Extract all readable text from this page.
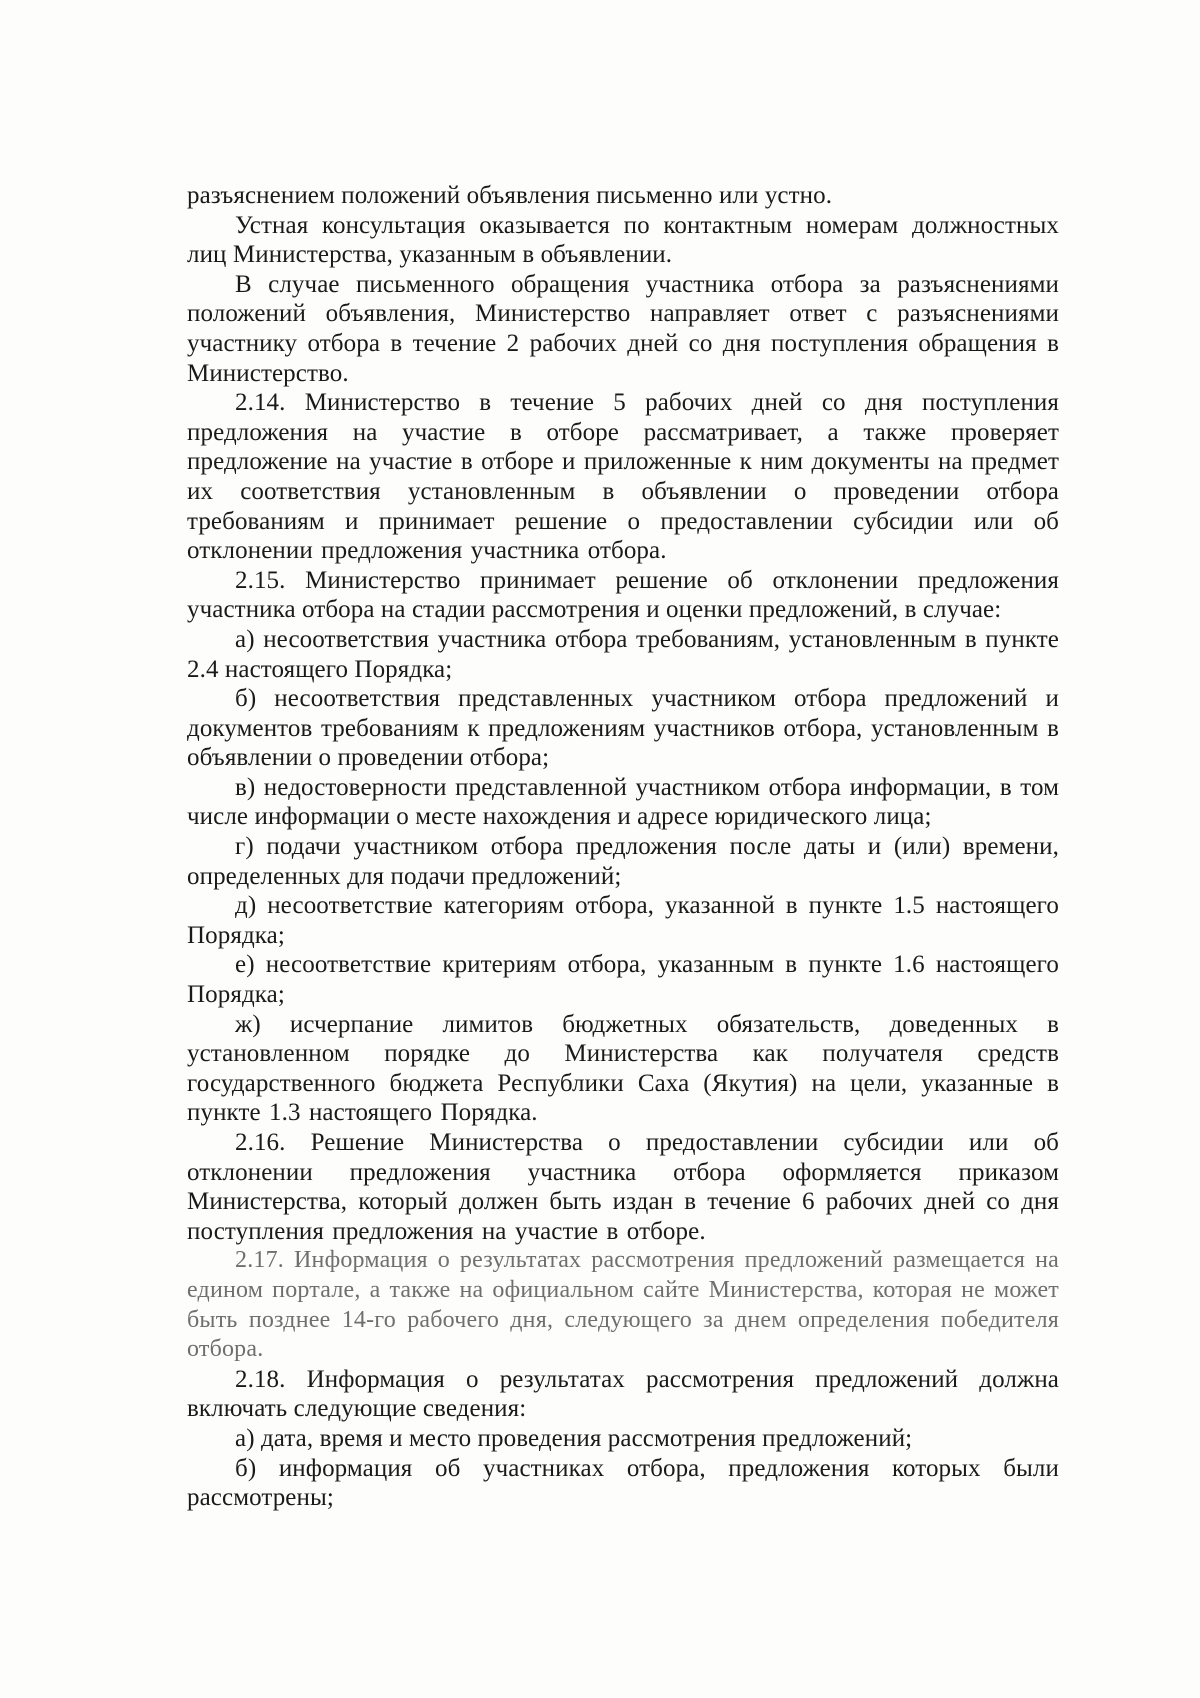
разъяснением положений объявления письменно или устно.

Устная консультация оказывается по контактным номерам должностных лиц Министерства, указанным в объявлении.

В случае письменного обращения участника отбора за разъяснениями положений объявления, Министерство направляет ответ с разъяснениями участнику отбора в течение 2 рабочих дней со дня поступления обращения в Министерство.

2.14. Министерство в течение 5 рабочих дней со дня поступления предложения на участие в отборе рассматривает, а также проверяет предложение на участие в отборе и приложенные к ним документы на предмет их соответствия установленным в объявлении о проведении отбора требованиям и принимает решение о предоставлении субсидии или об отклонении предложения участника отбора.

2.15. Министерство принимает решение об отклонении предложения участника отбора на стадии рассмотрения и оценки предложений, в случае:

а) несоответствия участника отбора требованиям, установленным в пункте 2.4 настоящего Порядка;

б) несоответствия представленных участником отбора предложений и документов требованиям к предложениям участников отбора, установленным в объявлении о проведении отбора;

в) недостоверности представленной участником отбора информации, в том числе информации о месте нахождения и адресе юридического лица;

г) подачи участником отбора предложения после даты и (или) времени, определенных для подачи предложений;

д) несоответствие категориям отбора, указанной в пункте 1.5 настоящего Порядка;

е) несоответствие критериям отбора, указанным в пункте 1.6 настоящего Порядка;

ж) исчерпание лимитов бюджетных обязательств, доведенных в установленном порядке до Министерства как получателя средств государственного бюджета Республики Саха (Якутия) на цели, указанные в пункте 1.3 настоящего Порядка.

2.16. Решение Министерства о предоставлении субсидии или об отклонении предложения участника отбора оформляется приказом Министерства, который должен быть издан в течение 6 рабочих дней со дня поступления предложения на участие в отборе.

2.17. Информация о результатах рассмотрения предложений размещается на едином портале, а также на официальном сайте Министерства, которая не может быть позднее 14-го рабочего дня, следующего за днем определения победителя отбора.

2.18. Информация о результатах рассмотрения предложений должна включать следующие сведения:

а) дата, время и место проведения рассмотрения предложений;

б) информация об участниках отбора, предложения которых были рассмотрены;
